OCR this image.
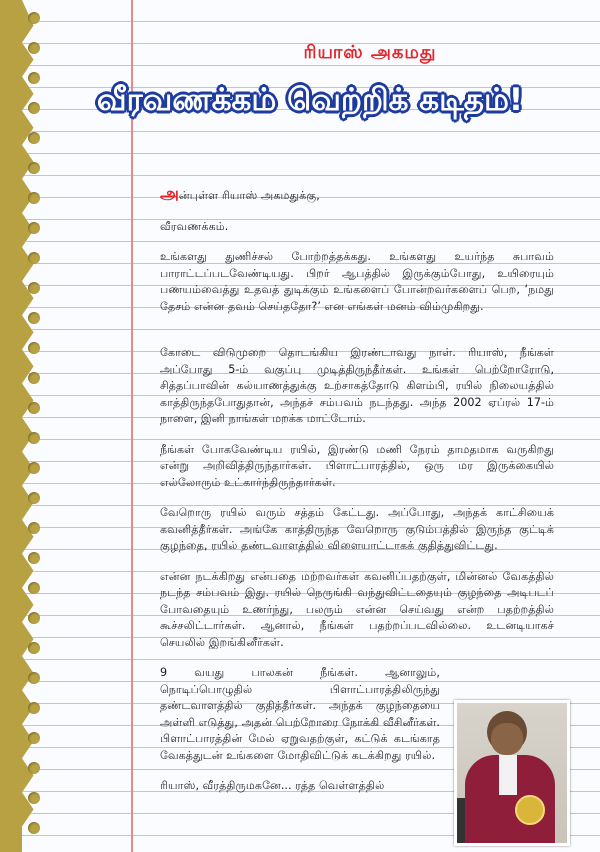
ரியாஸ் அகமது
வீரவணக்கம் வெற்றிக் கடிதம்!

அன்புள்ள ரியாஸ் அகமதுக்கு,

வீரவணக்கம்.

உங்களது துணிச்சல் போற்றத்தக்கது. உங்களது உயர்ந்த சுபாவம் பாராட்டப்படவேண்டியது. பிறர் ஆபத்தில் இருக்கும்போது, உயிரையும் பணயம்வைத்து உதவத் துடிக்கும் உங்களைப் போன்றவர்களைப் பெற, ‘நமது தேசம் என்ன தவம் செய்ததோ?’ என எங்கள் மனம் விம்முகிறது.

கோடை விடுமுறை தொடங்கிய இரண்டாவது நாள். ரியாஸ், நீங்கள் அப்போது 5-ம் வகுப்பு முடித்திருந்தீர்கள். உங்கள் பெற்றோரோடு, சித்தப்பாவின் கல்யாணத்துக்கு உற்சாகத்தோடு கிளம்பி, ரயில் நிலையத்தில் காத்திருந்தபோதுதான், அந்தச் சம்பவம் நடந்தது. அந்த 2002 ஏப்ரல் 17-ம் நாளை, இனி நாங்கள் மறக்க மாட்டோம்.

நீங்கள் போகவேண்டிய ரயில், இரண்டு மணி நேரம் தாமதமாக வருகிறது என்று அறிவித்திருந்தார்கள். பிளாட்பாரத்தில், ஒரு மர இருக்கையில் எல்லோரும் உட்கார்ந்திருந்தார்கள்.

வேறொரு ரயில் வரும் சத்தம் கேட்டது. அப்போது, அந்தக் காட்சியைக் கவனித்தீர்கள். அங்கே காத்திருந்த வேறொரு குடும்பத்தில் இருந்த குட்டிக் குழந்தை, ரயில் தண்டவாளத்தில் விளையாட்டாகக் குதித்துவிட்டது.

என்ன நடக்கிறது என்பதை மற்றவர்கள் கவனிப்பதற்குள், மின்னல் வேகத்தில் நடந்த சம்பவம் இது. ரயில் நெருங்கி வந்துவிட்டதையும் குழந்தை அடிபடப் போவதையும் உணர்ந்து, பலரும் என்ன செய்வது என்ற பதற்றத்தில் கூச்சலிட்டார்கள். ஆனால், நீங்கள் பதற்றப்படவில்லை. உடனடியாகச் செயலில் இறங்கினீர்கள்.

9 வயது பாலகன் நீங்கள். ஆனாலும், நொடிப்பொழுதில் பிளாட்பாரத்திலிருந்து தண்டவாளத்தில் குதித்தீர்கள். அந்தக் குழந்தையை அள்ளி எடுத்து, அதன் பெற்றோரை நோக்கி வீசினீர்கள். பிளாட்பாரத்தின் மேல் ஏறுவதற்குள், கட்டுக் கடங்காத வேகத்துடன் உங்களை மோதிவிட்டுக் கடக்கிறது ரயில்.

ரியாஸ், வீரத்திருமகனே... ரத்த வெள்ளத்தில்
